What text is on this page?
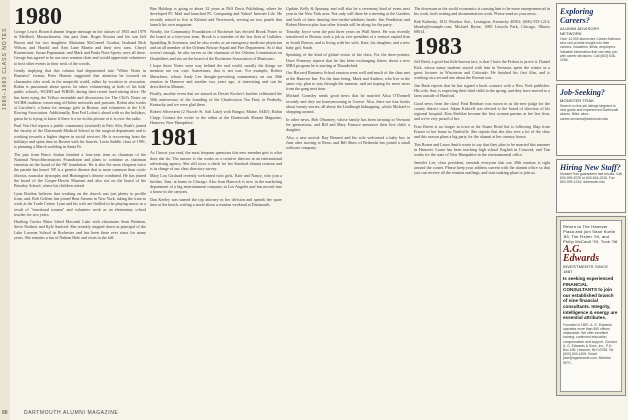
1980–1983 CLASS NOTES
1980

George Lewis Howard alumni league message in the classes of 1955 and 1979 in Medford, Massachusetts, this past June. Roger Sissons and his son Jeff Brown and his two daughters Marianne McConnel Gordon, husband Rick Wilson, and Harold and Ann Lane Martin and their new sons. Cheryl Rosentrauer, Susan Papamantz, and Mark and Paula Nora Sperry were all there. George has agreed to be our next reunion chair and would appreciate volunteers to host other events in their neck of the woods.

Gently implying that this column had degenerated into "White Notes in Business" format, Peter Hansen suggested that attention be focused on classmates who work in the nonprofit world, either by vocation or avocation. Robin is passionate about sports, he takes volunteering at both of his kids' public schools, WGBH and WBUR, during their recent fund-raising drive. He has been eying the Yellow ensemble and discussions for The Cliff's Notes on WCBH tradition concerning off-kilter networks and pursuits. Robin also works at Caroline's, a home for teenage girls in Boston, and volunteers at the U.S. Rowing Association. Additionally, Ron Fed Loftus's ahead with us the holidays, guess he is trying to know if there is a tie in this picture or it is over the radio.

Paul Van Ord reports a public community (assisted) in Palo Alto, Ruth's joined the faculty of the Dartmouth Medical School in the surgical department and is working towards a higher degree in social services. He is recovering from the holidays and spent time in Boston with his fiancée. Lorin Saddle, class of 1981, is planning a March wedding in Santa Fe.

The pair from Bruce Jordan finished a four-year term as chairman of the National Neurofibromatosis Foundation and plans to continue as chairman emeritus on the board of the NF foundation. He is also the most eloquent voice the parade has heard. NF is a genetic disease that is more common than cystic fibrosis, muscular dystrophy and Huntington's disease combined. He has joined the board of the Cooper-Hewitt Museum and also sits on the board of the Brearley School, where his children attend.

Lynn Bostbar believes that working on the church was just plenty to profile from, and, Rob Geffner has joined Bear Stearns in New York, taking the train to work at the Trade Center. Lynn and his wife are thrilled to be playing music as a result of "emotional trauma" and volunteer work as an elementary school teacher for two years.

Hartling Curtiss Ritter hiked Macomb Lake with classmates Sean Bettman, Steve Neubert and Kyle Sanford. She recently stepped down as principal of the Lake Lucerne School in Rochester and has been there ever since for many years. She remains a fan of Nathan Hale and visits in the fall.

Ben Holshop is going to about 32 years at Diff Davis Publishing, where he developed PC Mail and launched PC Computing and Yahoo! Internet Life. He recently retired to live at Kilimet and Newsweek, serving on two panels that launch his own magazine.

Nearby, the Community Foundation of Rochester has elected Brook Prater to the board as a four-year term. Brook is a member of the law firm of Gallaher, Spaulding & Sorenson, and he also works as an emergency medicine physician and an all member of the Orleans Rescue Squad and Fire Department. As if that weren't enough, he also serves as the chairman of the Orleans Commission on Disabilities and sits on the board of the Rochester Association of Musicians.

I hope those Notes were way behind the real world, usually the things we mention are our own. Sometimes, that is not true. For example, Robert Marschner, whose Andy Lee thought-provoking commentary on our 30th reunion in Hanover and another two years ago, is interesting and can be described as Mannie.

Finally, another event that we missed as Dexter Kocher's brother celebrated the 50th anniversary of the founding of the Charlestown Tea Party in Peabody, Kentucky and we were glad there.

Robert Silverstein (2 Nozzle St. Salt Lake) with Bangor, Maine, 04401; Robin Clapp. Contact the writer or the editor at the Dartmouth Alumni Magazine, Hanover, New Hampshire.

1981

As I know you read, the most frequent questions this new member gets is what does she do. The answer is she works as a creative director at an international advertising agency. She still owes a check for her Stanford alumni reunion and is in charge of our class directory survey.

Mary Lou Gushard recently welcomed twin girls, Kate and Nancy, who join a brother, Tom, at home in Chicago. Also Jean Hancock is now in the marketing department of a big entertainment company in Los Angeles and has moved into a house in the canyons.

Dan Keeley was named the top attorney in her division and spends her spare time at the beach, writing a novel about a reunion weekend at Dartmouth.

Update, Kelly & Sputnay, and will also be a ceremony kind of event next year in the New York area. Not only will there be a meeting at the Gardens and both of their dancing feet-on-the-sidelines heads: Jim Pendleton and Robert Herrera plus four other friends will be along for the party.

Timothy Joyce went the past three years on Wall Street. He was recently transferred to Boston, took a job as vice president of a venture capital firm in South Boston, and is living with his wife, Kate, his daughter, and a new baby girl, Sarah.

Speaking of the kind of global vision of the class, For the three-pointer, Dave Pomeroy reports that he has been exchanging letters about a new MBA program he is starting at Thunderbird.

Our Harvard Business School reunion went well and much of the class met at the Hanover Inn. For the time being, Mark and Andrew, who live in the same city, plan to stay through the summer, and are hoping for more news from the gang next time.

Michael Gormley sends good news that he married Alisa O'Donnell recently and they are honeymooning in Greece. Also, there are four books about twenty stories, all about the Lindbergh kidnapping, which Michael is shopping around.

In other news, Bob Ohurmey, whose family has been farming in Vermont for generations, and Bill and Mary Furnace announce their first child, a daughter.

Also, a new arrival: Ray Bennett and his wife welcomed a baby boy in June after moving to Reno, and Bill Shaw of Bethesda has joined a small software company.

The downturn in the world economics is causing him to be more entrepreneurial in his work, both writing and documentation work. Please send us your news.

Rob Kalinsky, 1812 Windsor Ave., Lexington, Kentucky 40502; (606) 555-1214; kbrady@example.com; Michael Byrne, 1080 Lincoln Park, Chicago, Illinois 60614.

1983

Jeff Reed, a good but little-known fact, is that I have the Fedora to prove it. Daniel Kirk, whose many students stayed with him in Vermont, spent the winter as a guest lecturer in Wisconsin and Colorado. He finished his first film, and is working on a second one about the Korean war.

Jim Rusk reports that he has signed a book contract with a New York publisher. His wife, Sue, is expecting their third child in the spring, and they have moved to a farm outside of Hartford.

Good news from the class! Paul Reinhart was sworn in as the new judge for the county district court. Adam Kidwell was elected to the board of directors of his regional hospital. Kim Sheldon became the first woman partner at her law firm, and we're very proud of her.

Fran Breen is no longer in town at the Stuart Hotel but is following Skip from France to her home in Nashville. She reports that she also sees a lot of the class and this season plans a big party for the alumni at her country house.

Tim Rosen and Laura Smith wrote to say that they plan to be married this summer in Hanover. Laura has been teaching high school English in Concord, and Tim works for the state of New Hampshire in the environmental office.

Jennifer Lee, class president, reminds everyone that our 20th reunion is right around the corner. Please keep your address current with the alumni office so that you can receive all the reunion mailings, and start making plans to join us.

Exploring Careers?
ALUMNI ADVISORY NETWORK
Over 14,000 alumni are Career Advisors who can provide insight into their careers, industries, fields, employers. Valuable information that can help you with career decisions. Call (603) 646-2256.
Job-Seeking?
MONSTER TRAK
Search on line job listings targeted to new grads and experienced Dartmouth alumni. Bliss: alum-career.services@dartmouth.edu
Hiring New Staff?
MonsterTrak guarantees fast results. Call 800-999-8725 or 603-646-2215. Fax 800-999-1234; dartmouth.edu
Return to The Hanover Plaza and join Sean Kurtin '83, Tim Fisher '94, and Philip McCaull '93, Tuck '98
A.G. Edwards
INVESTMENTS SINCE 1887
Is seeking experienced FINANCIAL CONSULTANTS to join our established branch of nine financial consultants. Integrity, intelligence & energy are essential attributes.
Founded in 1887, A. G. Edwards operates more than 650 offices nationwide. We offer excellent training, continued education, compensation and support. Contact: A. G. Edwards & Sons, Inc., P.O. Box 165, Hanover, NH 03755. Tel (603) 643-1405. Email: jdoe@agedwards.com. Member SIPC.
88	DARTMOUTH ALUMNI MAGAZINE
